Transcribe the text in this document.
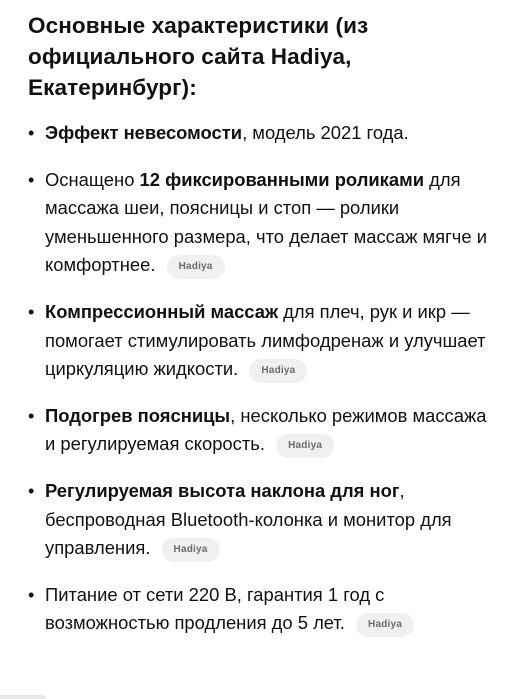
Основные характеристики (из официального сайта Hadiya, Екатеринбург):
• Эффект невесомости, модель 2021 года.
• Оснащено 12 фиксированными роликами для массажа шеи, поясницы и стоп — ролики уменьшенного размера, что делает массаж мягче и комфортнее. Hadiya
• Компрессионный массаж для плеч, рук и икр — помогает стимулировать лимфодренаж и улучшает циркуляцию жидкости. Hadiya
• Подогрев поясницы, несколько режимов массажа и регулируемая скорость. Hadiya
• Регулируемая высота наклона для ног, беспроводная Bluetooth-колонка и монитор для управления. Hadiya
• Питание от сети 220 В, гарантия 1 год с возможностью продления до 5 лет. Hadiya
